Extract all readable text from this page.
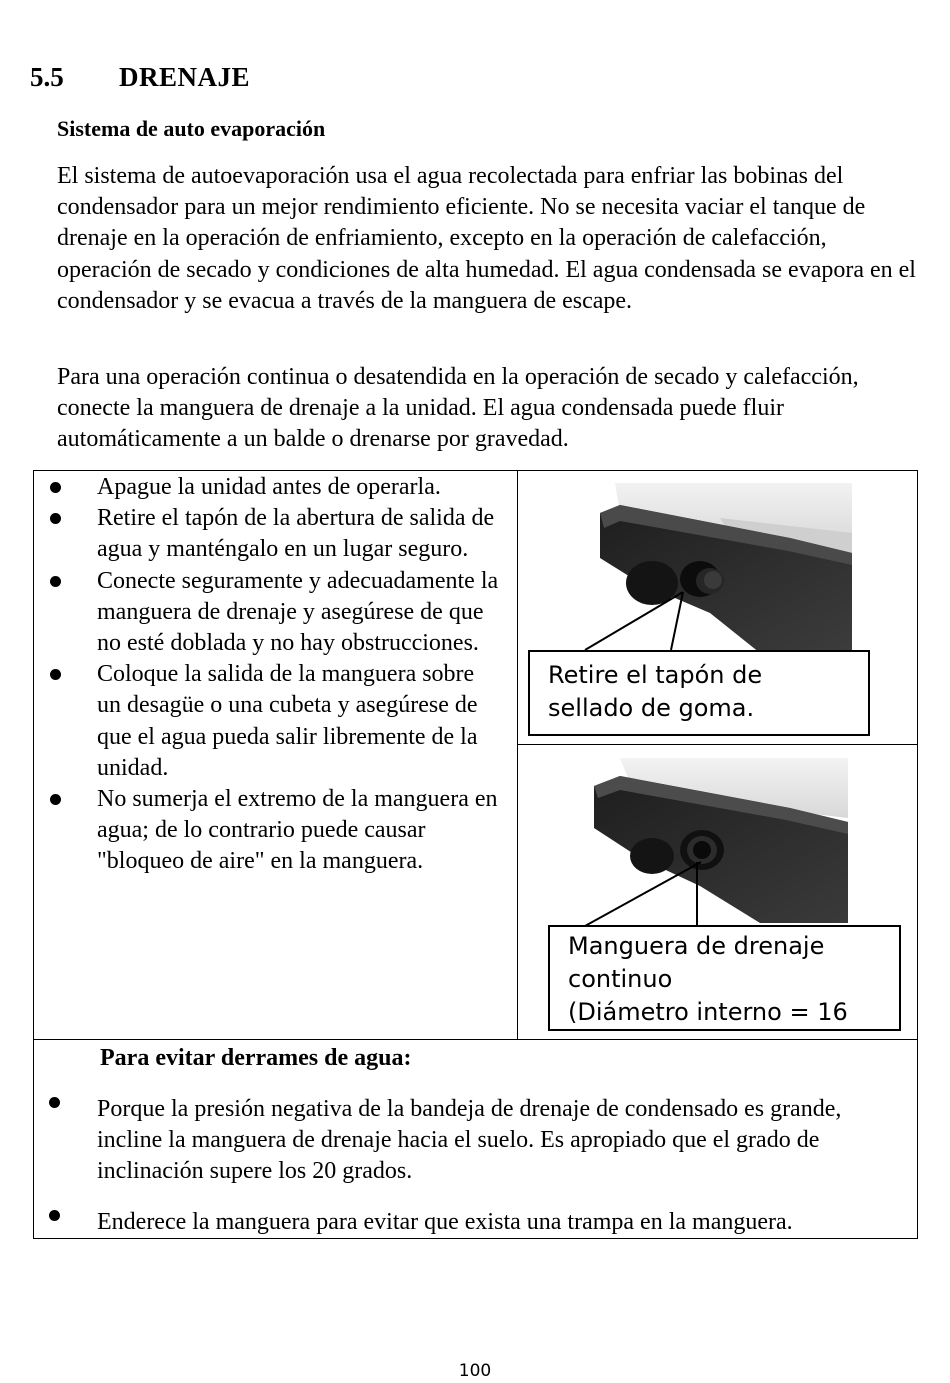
5.5 DRENAJE
Sistema de auto evaporación
El sistema de autoevaporación usa el agua recolectada para enfriar las bobinas del condensador para un mejor rendimiento eficiente. No se necesita vaciar el tanque de drenaje en la operación de enfriamiento, excepto en la operación de calefacción, operación de secado y condiciones de alta humedad. El agua condensada se evapora en el condensador y se evacua a través de la manguera de escape.
Para una operación continua o desatendida en la operación de secado y calefacción, conecte la manguera de drenaje a la unidad. El agua condensada puede fluir automáticamente a un balde o drenarse por gravedad.
Apague la unidad antes de operarla.
Retire el tapón de la abertura de salida de agua y manténgalo en un lugar seguro.
Conecte seguramente y adecuadamente la manguera de drenaje y asegúrese de que no esté doblada y no hay obstrucciones.
Coloque la salida de la manguera sobre un desagüe o una cubeta y asegúrese de que el agua pueda salir libremente de la unidad.
No sumerja el extremo de la manguera en agua; de lo contrario puede causar "bloqueo de aire" en la manguera.
Retire el tapón de
sellado de goma.
Manguera de drenaje
continuo
(Diámetro interno = 16
Para evitar derrames de agua:
Porque la presión negativa de la bandeja de drenaje de condensado es grande, incline la manguera de drenaje hacia el suelo. Es apropiado que el grado de inclinación supere los 20 grados.
Enderece la manguera para evitar que exista una trampa en la manguera.
100
